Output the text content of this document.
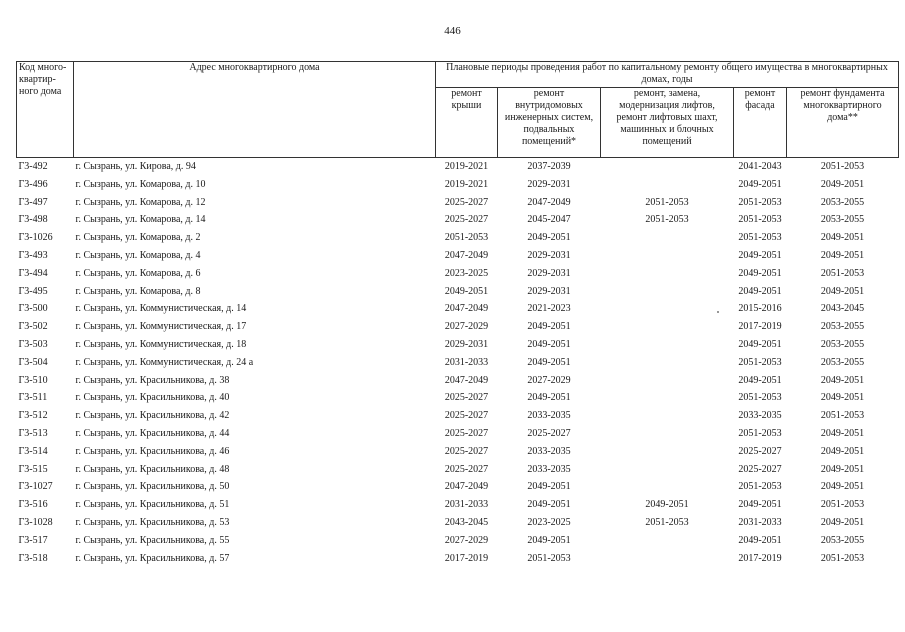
446
Код много- квартир- ного дома	Адрес многоквартирного дома	Плановые периоды проведения работ по капитальному ремонту общего имущества в многоквартирных домах, годы				
		ремонт крыши	ремонт внутридомовых инженерных систем, подвальных помещений*	ремонт, замена, модернизация лифтов, ремонт лифтовых шахт, машинных и блочных помещений	ремонт фасада	ремонт фундамента многоквартирного дома**
Г3-492	г. Сызрань, ул. Кирова, д. 94	2019-2021	2037-2039		2041-2043	2051-2053
Г3-496	г. Сызрань, ул. Комарова, д. 10	2019-2021	2029-2031		2049-2051	2049-2051
Г3-497	г. Сызрань, ул. Комарова, д. 12	2025-2027	2047-2049	2051-2053	2051-2053	2053-2055
Г3-498	г. Сызрань, ул. Комарова, д. 14	2025-2027	2045-2047	2051-2053	2051-2053	2053-2055
Г3-1026	г. Сызрань, ул. Комарова, д. 2	2051-2053	2049-2051		2051-2053	2049-2051
Г3-493	г. Сызрань, ул. Комарова, д. 4	2047-2049	2029-2031		2049-2051	2049-2051
Г3-494	г. Сызрань, ул. Комарова, д. 6	2023-2025	2029-2031		2049-2051	2051-2053
Г3-495	г. Сызрань, ул. Комарова, д. 8	2049-2051	2029-2031		2049-2051	2049-2051
Г3-500	г. Сызрань, ул. Коммунистическая, д. 14	2047-2049	2021-2023		2015-2016	2043-2045
Г3-502	г. Сызрань, ул. Коммунистическая, д. 17	2027-2029	2049-2051		2017-2019	2053-2055
Г3-503	г. Сызрань, ул. Коммунистическая, д. 18	2029-2031	2049-2051		2049-2051	2053-2055
Г3-504	г. Сызрань, ул. Коммунистическая, д. 24 а	2031-2033	2049-2051		2051-2053	2053-2055
Г3-510	г. Сызрань, ул. Красильникова, д. 38	2047-2049	2027-2029		2049-2051	2049-2051
Г3-511	г. Сызрань, ул. Красильникова, д. 40	2025-2027	2049-2051		2051-2053	2049-2051
Г3-512	г. Сызрань, ул. Красильникова, д. 42	2025-2027	2033-2035		2033-2035	2051-2053
Г3-513	г. Сызрань, ул. Красильникова, д. 44	2025-2027	2025-2027		2051-2053	2049-2051
Г3-514	г. Сызрань, ул. Красильникова, д. 46	2025-2027	2033-2035		2025-2027	2049-2051
Г3-515	г. Сызрань, ул. Красильникова, д. 48	2025-2027	2033-2035		2025-2027	2049-2051
Г3-1027	г. Сызрань, ул. Красильникова, д. 50	2047-2049	2049-2051		2051-2053	2049-2051
Г3-516	г. Сызрань, ул. Красильникова, д. 51	2031-2033	2049-2051	2049-2051	2049-2051	2051-2053
Г3-1028	г. Сызрань, ул. Красильникова, д. 53	2043-2045	2023-2025	2051-2053	2031-2033	2049-2051
Г3-517	г. Сызрань, ул. Красильникова, д. 55	2027-2029	2049-2051		2049-2051	2053-2055
Г3-518	г. Сызрань, ул. Красильникова, д. 57	2017-2019	2051-2053		2017-2019	2051-2053
